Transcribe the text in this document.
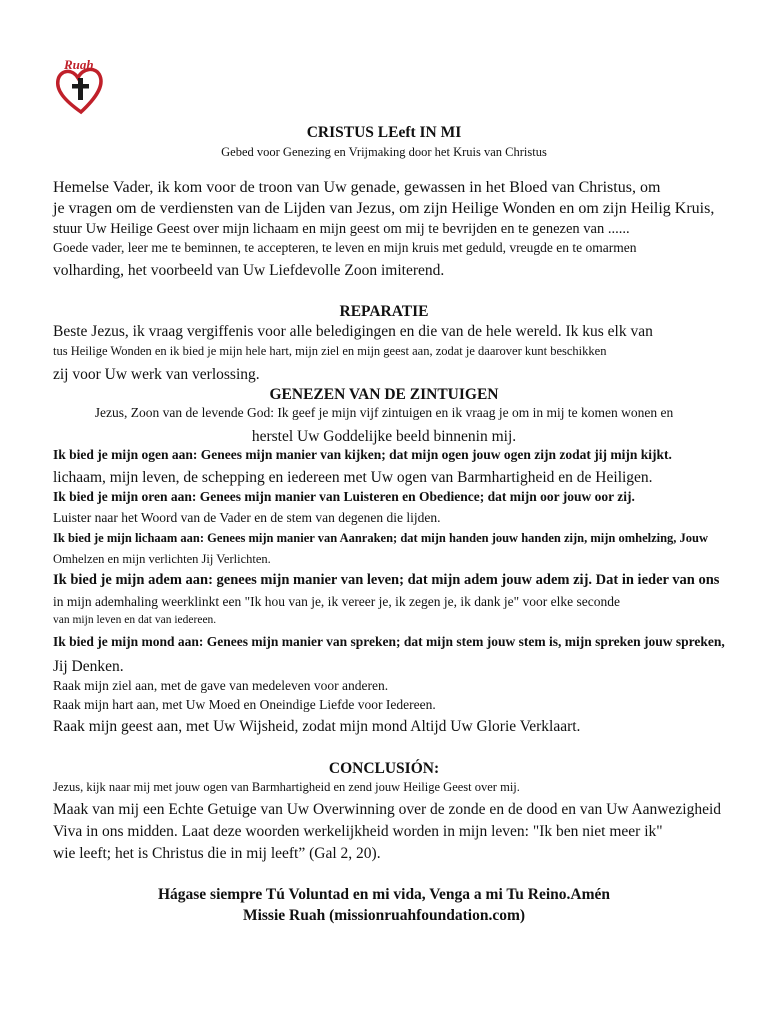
Ruah

CRISTUS LEeft IN MI

Gebed voor Genezing en Vrijmaking door het Kruis van Christus

Hemelse Vader, ik kom voor de troon van Uw genade, gewassen in het Bloed van Christus, om

je vragen om de verdiensten van de Lijden van Jezus, om zijn Heilige Wonden en om zijn Heilig Kruis,

stuur Uw Heilige Geest over mijn lichaam en mijn geest om mij te bevrijden en te genezen van ......

Goede vader, leer me te beminnen, te accepteren, te leven en mijn kruis met geduld, vreugde en te omarmen

volharding, het voorbeeld van Uw Liefdevolle Zoon imiterend.

REPARATIE

Beste Jezus, ik vraag vergiffenis voor alle beledigingen en die van de hele wereld. Ik kus elk van

tus Heilige Wonden en ik bied je mijn hele hart, mijn ziel en mijn geest aan, zodat je daarover kunt beschikken

zij voor Uw werk van verlossing.

GENEZEN VAN DE ZINTUIGEN

Jezus, Zoon van de levende God: Ik geef je mijn vijf zintuigen en ik vraag je om in mij te komen wonen en

herstel Uw Goddelijke beeld binnenin mij.

Ik bied je mijn ogen aan: Genees mijn manier van kijken; dat mijn ogen jouw ogen zijn zodat jij mijn kijkt.

lichaam, mijn leven, de schepping en iedereen met Uw ogen van Barmhartigheid en de Heiligen.

Ik bied je mijn oren aan: Genees mijn manier van Luisteren en Obedience; dat mijn oor jouw oor zij.

Luister naar het Woord van de Vader en de stem van degenen die lijden.

Ik bied je mijn lichaam aan: Genees mijn manier van Aanraken; dat mijn handen jouw handen zijn, mijn omhelzing, Jouw

Omhelzen en mijn verlichten Jij Verlichten.

Ik bied je mijn adem aan: genees mijn manier van leven; dat mijn adem jouw adem zij. Dat in ieder van ons

in mijn ademhaling weerklinkt een "Ik hou van je, ik vereer je, ik zegen je, ik dank je" voor elke seconde

van mijn leven en dat van iedereen.

Ik bied je mijn mond aan: Genees mijn manier van spreken; dat mijn stem jouw stem is, mijn spreken jouw spreken,

Jij Denken.

Raak mijn ziel aan, met de gave van medeleven voor anderen.

Raak mijn hart aan, met Uw Moed en Oneindige Liefde voor Iedereen.

Raak mijn geest aan, met Uw Wijsheid, zodat mijn mond Altijd Uw Glorie Verklaart.

CONCLUSIÓN:

Jezus, kijk naar mij met jouw ogen van Barmhartigheid en zend jouw Heilige Geest over mij.

Maak van mij een Echte Getuige van Uw Overwinning over de zonde en de dood en van Uw Aanwezigheid

Viva in ons midden. Laat deze woorden werkelijkheid worden in mijn leven: "Ik ben niet meer ik"

wie leeft; het is Christus die in mij leeft” (Gal 2, 20).

Hágase siempre Tú Voluntad en mi vida, Venga a mi Tu Reino.Amén

Missie Ruah (missionruahfoundation.com)
